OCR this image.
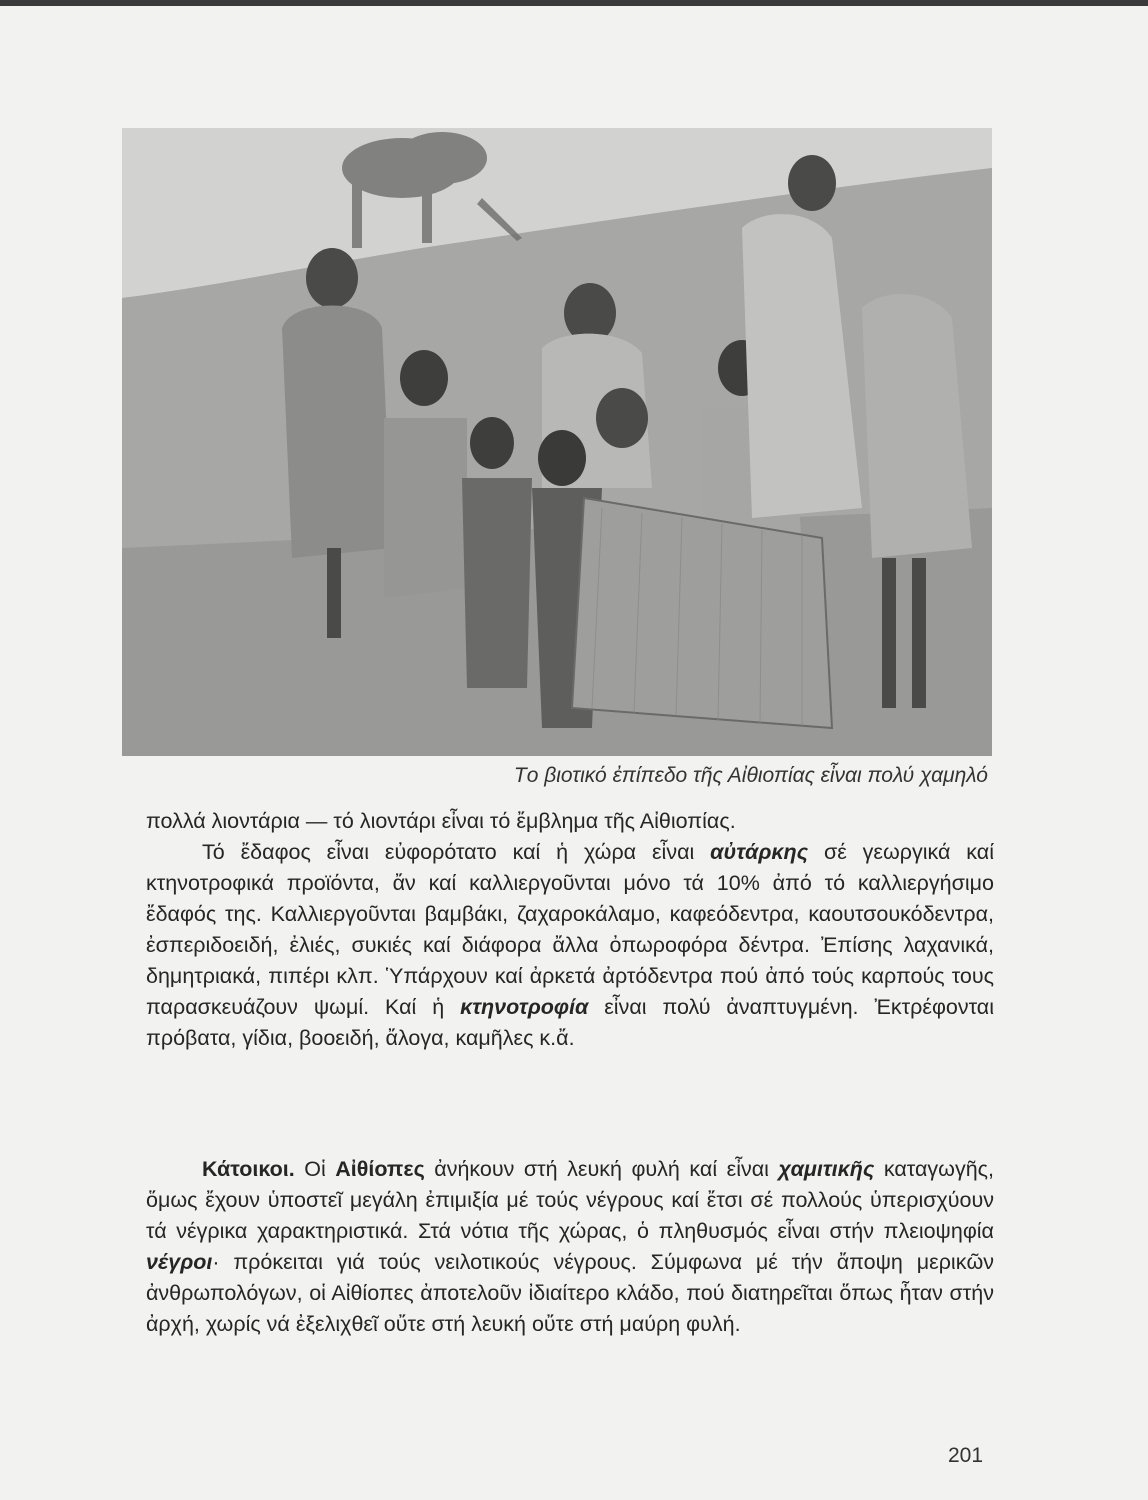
Τo βιοτικό ἐπίπεδο τῆς Αἰθιοπίας εἶναι πολύ χαμηλό

πολλά λιοντάρια — τό λιοντάρι εἶναι τό ἔμβλημα τῆς Αἰθιοπίας.

Τό ἔδαφος εἶναι εὐφορότατο καί ἡ χώρα εἶναι αὐτάρκης σέ γεωργικά καί κτηνοτροφικά προϊόντα, ἄν καί καλλιεργοῦνται μόνο τά 10% ἀπό τό καλλιεργήσιμο ἔδαφός της. Καλλιεργοῦνται βαμβάκι, ζαχαροκάλαμο, καφεόδεντρα, καουτσουκόδεντρα, ἐσπεριδοειδή, ἐλιές, συκιές καί διάφορα ἄλλα ὀπωροφόρα δέντρα. Ἐπίσης λαχανικά, δημητριακά, πιπέρι κλπ. Ὑπάρχουν καί ἀρκετά ἀρτόδεντρα πού ἀπό τούς καρπούς τους παρασκευάζουν ψωμί. Καί ἡ κτηνοτροφία εἶναι πολύ ἀναπτυγμένη. Ἐκτρέφονται πρόβατα, γίδια, βοοειδή, ἄλογα, καμῆλες κ.ἄ.

Κάτοικοι. Οἱ Αἰθίοπες ἀνήκουν στή λευκή φυλή καί εἶναι χαμιτικῆς καταγωγῆς, ὅμως ἔχουν ὑποστεῖ μεγάλη ἐπιμιξία μέ τούς νέγρους καί ἔτσι σέ πολλούς ὑπερισχύουν τά νέγρικα χαρακτηριστικά. Στά νότια τῆς χώρας, ὁ πληθυσμός εἶναι στήν πλειοψηφία νέγροι· πρόκειται γιά τούς νειλοτικούς νέγρους. Σύμφωνα μέ τήν ἄποψη μερικῶν ἀνθρωπολόγων, οἱ Αἰθίοπες ἀποτελοῦν ἰδιαίτερο κλάδο, πού διατηρεῖται ὅπως ἦταν στήν ἀρχή, χωρίς νά ἐξελιχθεῖ οὔτε στή λευκή οὔτε στή μαύρη φυλή.

201
